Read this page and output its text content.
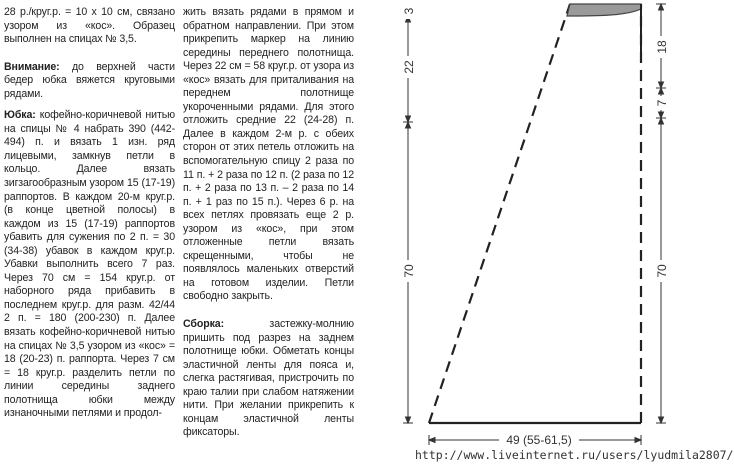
28 р./круг.р. = 10 х 10 см, связано узором из «кос». Образец выполнен на спицах № 3,5.

Внимание: до верхней части бедер юбка вяжется круговыми рядами.

Юбка: кофейно-коричневой нитью на спицы № 4 набрать 390 (442-494) п. и вязать 1 изн. ряд лицевыми, замкнув петли в кольцо. Далее вязать зигзагообразным узором 15 (17-19) раппортов. В каждом 20-м круг.р. (в конце цветной полосы) в каждом из 15 (17-19) раппортов убавить для сужения по 2 п. = 30 (34-38) убавок в каждом круг.р. Убавки выполнить всего 7 раз. Через 70 см = 154 круг.р. от наборного ряда прибавить в последнем круг.р. для разм. 42/44 2 п. = 180 (200-230) п. Далее вязать кофейно-коричневой нитью на спицах № 3,5 узором из «кос» = 18 (20-23) п. раппорта. Через 7 см = 18 круг.р. разделить петли по линии середины заднего полотнища юбки между изнаночными петлями и продол-

жить вязать рядами в прямом и обратном направлении. При этом прикрепить маркер на линию середины переднего полотнища. Через 22 см = 58 круг.р. от узора из «кос» вязать для приталивания на переднем полотнище укороченными рядами. Для этого отложить средние 22 (24-28) п. Далее в каждом 2-м р. с обеих сторон от этих петель отложить на вспомогательную спицу 2 раза по 11 п. + 2 раза по 12 п. (2 раза по 12 п. + 2 раза по 13 п. – 2 раза по 14 п. + 1 раз по 15 п.). Через 6 р. на всех петлях провязать еще 2 р. узором из «кос», при этом отложенные петли вязать скрещенными, чтобы не появлялось маленьких отверстий на готовом изделии. Петли свободно закрыть.

Сборка: застежку-молнию пришить под разрез на заднем полотнище юбки. Обметать концы эластичной ленты для пояса и, слегка растягивая, пристрочить по краю талии при слабом натяжении нити. При желании прикрепить к концам эластичной ленты фиксаторы.

3
22
70
18
7
70
49 (55-61,5)
http://www.liveinternet.ru/users/lyudmila2807/
